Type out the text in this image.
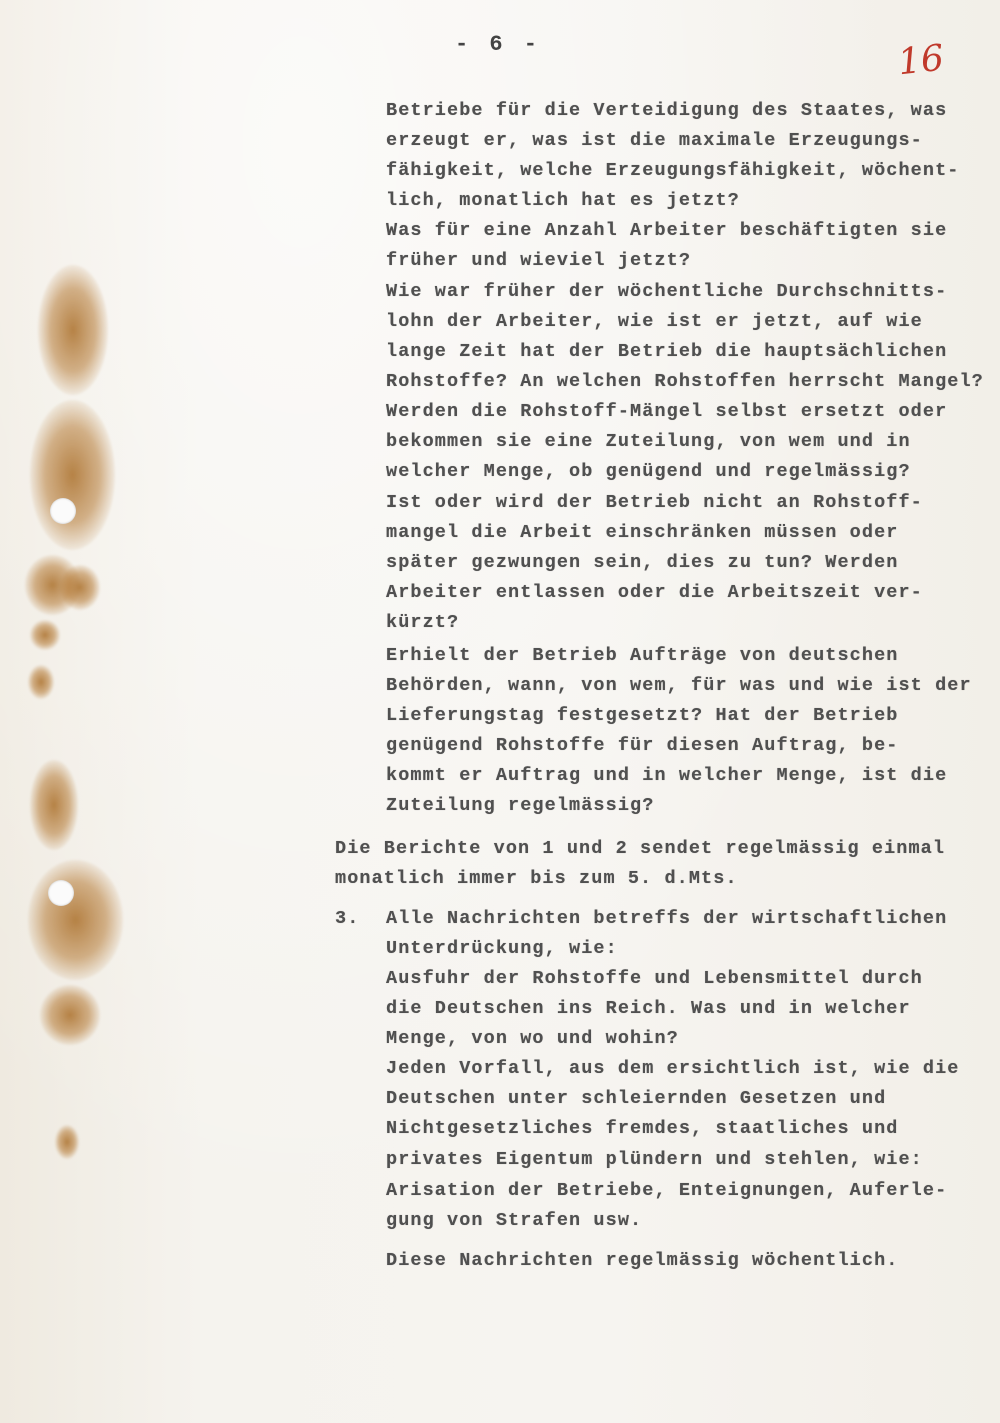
- 6 -	16
Betriebe für die Verteidigung des Staates, was
erzeugt er, was ist die maximale Erzeugungs-
fähigkeit, welche Erzeugungsfähigkeit, wöchent-
lich, monatlich hat es jetzt?
Was für eine Anzahl Arbeiter beschäftigten sie
früher und wieviel jetzt?
Wie war früher der wöchentliche Durchschnitts-
lohn der Arbeiter, wie ist er jetzt, auf wie
lange Zeit hat der Betrieb die hauptsächlichen
Rohstoffe? An welchen Rohstoffen herrscht Mangel?
Werden die Rohstoff-Mängel selbst ersetzt oder
bekommen sie eine Zuteilung, von wem und in
welcher Menge, ob genügend und regelmässig?
Ist oder wird der Betrieb nicht an Rohstoff-
mangel die Arbeit einschränken müssen oder
später gezwungen sein, dies zu tun? Werden
Arbeiter entlassen oder die Arbeitszeit ver-
kürzt?
Erhielt der Betrieb Aufträge von deutschen
Behörden, wann, von wem, für was und wie ist der
Lieferungstag festgesetzt? Hat der Betrieb
genügend Rohstoffe für diesen Auftrag, be-
kommt er Auftrag und in welcher Menge, ist die
Zuteilung regelmässig?
Die Berichte von 1 und 2 sendet regelmässig einmal
monatlich immer bis zum 5. d.Mts.
3. Alle Nachrichten betreffs der wirtschaftlichen
Unterdrückung, wie:
Ausfuhr der Rohstoffe und Lebensmittel durch
die Deutschen ins Reich. Was und in welcher
Menge, von wo und wohin?
Jeden Vorfall, aus dem ersichtlich ist, wie die
Deutschen unter schleiernden Gesetzen und
Nichtgesetzliches fremdes, staatliches und
privates Eigentum plündern und stehlen, wie:
Arisation der Betriebe, Enteignungen, Auferle-
gung von Strafen usw.
Diese Nachrichten regelmässig wöchentlich.
